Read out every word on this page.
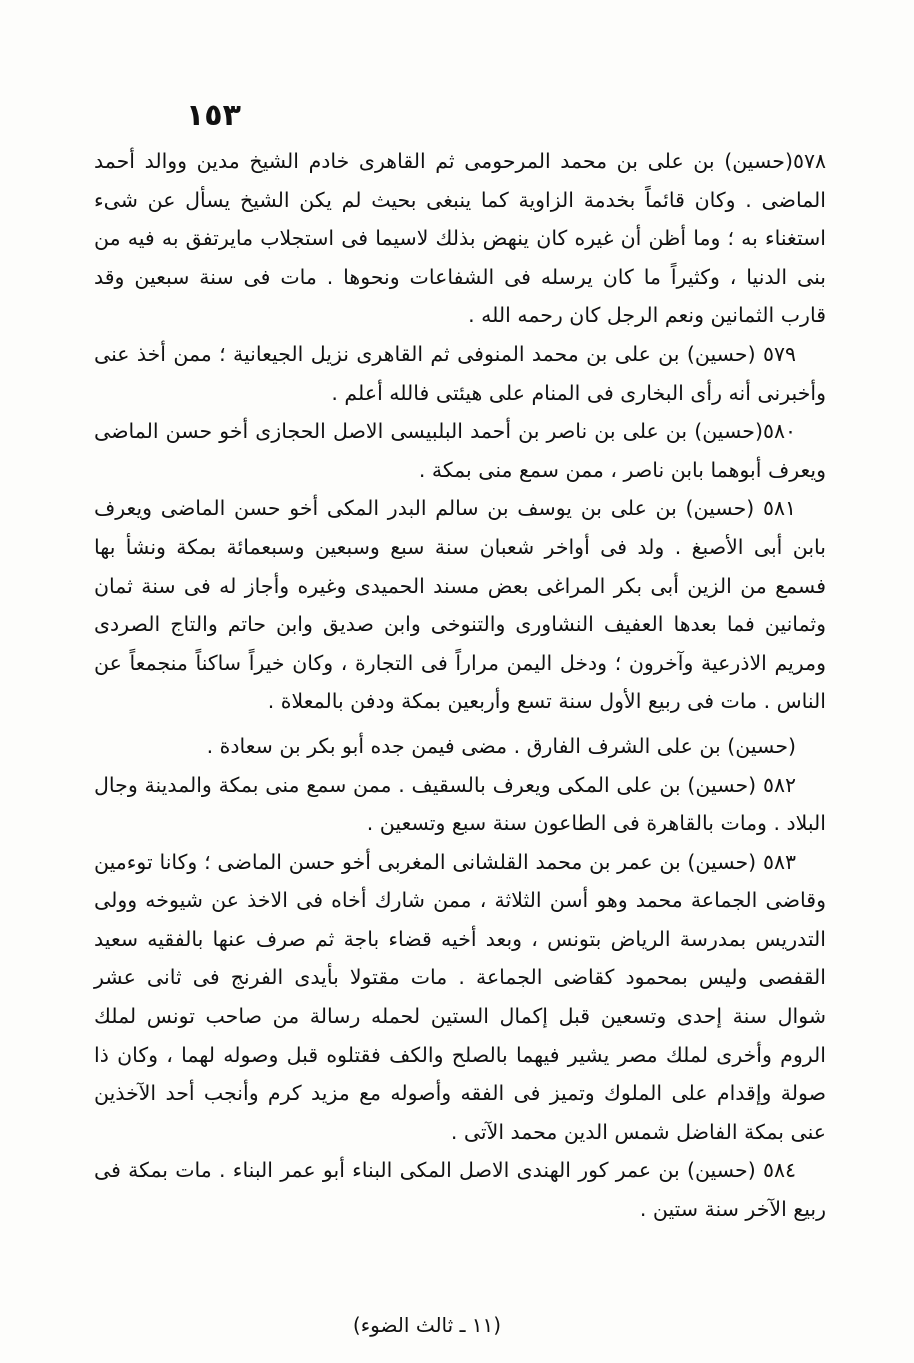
١٥٣

٥٧٨(حسين) بن على بن محمد المرحومى ثم القاهرى خادم الشيخ مدين ووالد أحمد الماضى . وكان قائماً بخدمة الزاوية كما ينبغى بحيث لم يكن الشيخ يسأل عن شىء استغناء به ؛ وما أظن أن غيره كان ينهض بذلك لاسيما فى استجلاب مايرتفق به فيه من بنى الدنيا ، وكثيراً ما كان يرسله فى الشفاعات ونحوها . مات فى سنة سبعين وقد قارب الثمانين ونعم الرجل كان رحمه الله .

٥٧٩ (حسين) بن على بن محمد المنوفى ثم القاهرى نزيل الجيعانية ؛ ممن أخذ عنى وأخبرنى أنه رأى البخارى فى المنام على هيئتى فالله أعلم .

٥٨٠(حسين) بن على بن ناصر بن أحمد البلبيسى الاصل الحجازى أخو حسن الماضى ويعرف أبوهما بابن ناصر ، ممن سمع منى بمكة .

٥٨١ (حسين) بن على بن يوسف بن سالم البدر المكى أخو حسن الماضى ويعرف بابن أبى الأصبغ . ولد فى أواخر شعبان سنة سبع وسبعين وسبعمائة بمكة ونشأ بها فسمع من الزين أبى بكر المراغى بعض مسند الحميدى وغيره وأجاز له فى سنة ثمان وثمانين فما بعدها العفيف النشاورى والتنوخى وابن صديق وابن حاتم والتاج الصردى ومريم الاذرعية وآخرون ؛ ودخل اليمن مراراً فى التجارة ، وكان خيراً ساكناً منجمعاً عن الناس . مات فى ربيع الأول سنة تسع وأربعين بمكة ودفن بالمعلاة .

(حسين) بن على الشرف الفارق . مضى فيمن جده أبو بكر بن سعادة .

٥٨٢ (حسين) بن على المكى ويعرف بالسقيف . ممن سمع منى بمكة والمدينة وجال البلاد . ومات بالقاهرة فى الطاعون سنة سبع وتسعين .

٥٨٣ (حسين) بن عمر بن محمد القلشانى المغربى أخو حسن الماضى ؛ وكانا توءمين وقاضى الجماعة محمد وهو أسن الثلاثة ، ممن شارك أخاه فى الاخذ عن شيوخه وولى التدريس بمدرسة الرياض بتونس ، وبعد أخيه قضاء باجة ثم صرف عنها بالفقيه سعيد القفصى وليس بمحمود كقاضى الجماعة . مات مقتولا بأيدى الفرنج فى ثانى عشر شوال سنة إحدى وتسعين قبل إكمال الستين لحمله رسالة من صاحب تونس لملك الروم وأخرى لملك مصر يشير فيهما بالصلح والكف فقتلوه قبل وصوله لهما ، وكان ذا صولة وإقدام على الملوك وتميز فى الفقه وأصوله مع مزيد كرم وأنجب أحد الآخذين عنى بمكة الفاضل شمس الدين محمد الآتى .

٥٨٤ (حسين) بن عمر كور الهندى الاصل المكى البناء أبو عمر البناء . مات بمكة فى ربيع الآخر سنة ستين .

(١١ ـ ثالث الضوء)
